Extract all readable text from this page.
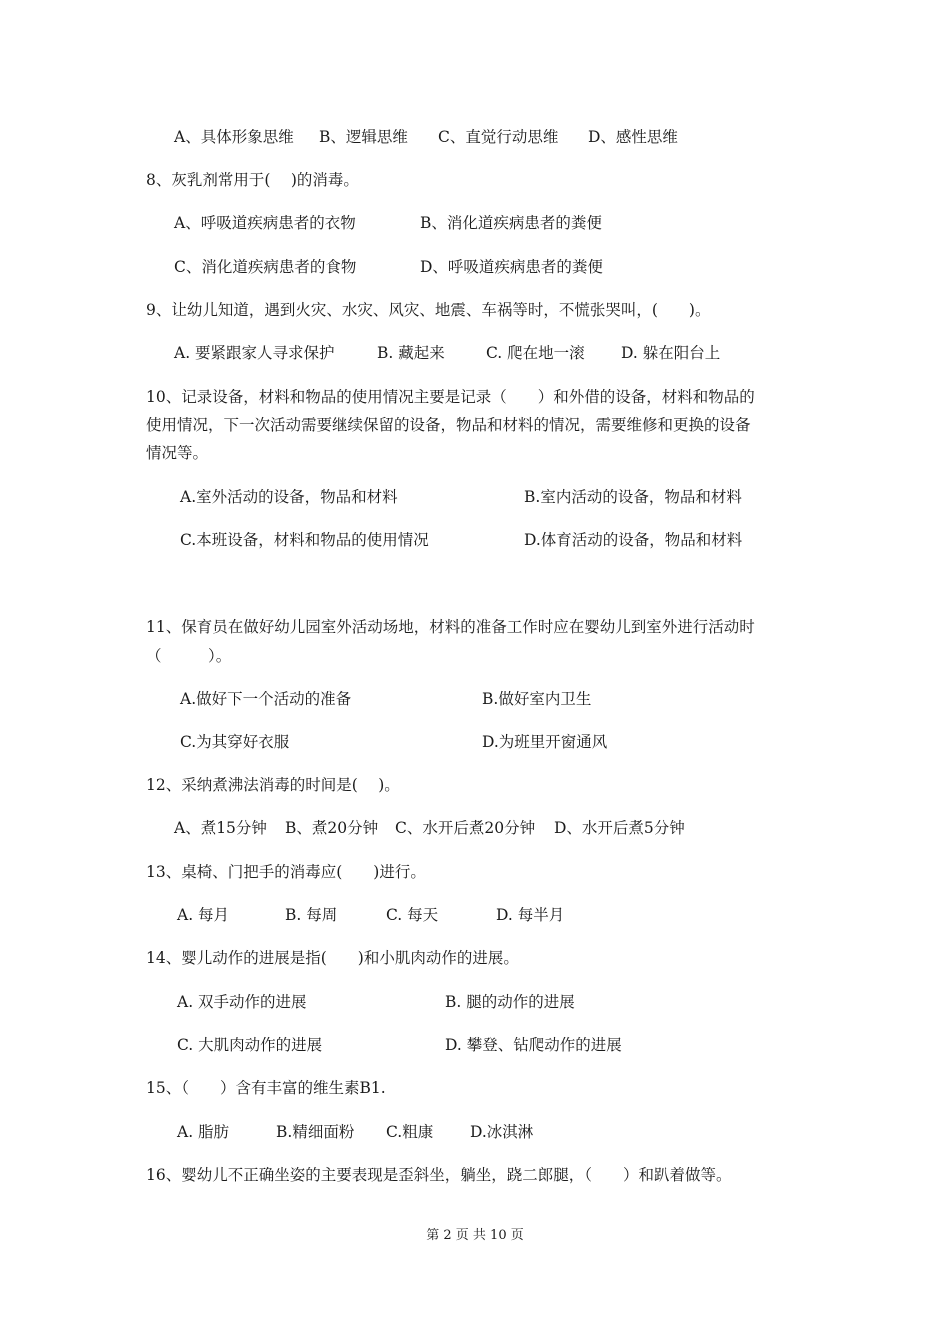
A、具体形象思维 B、逻辑思维 C、直觉行动思维 D、感性思维
8、灰乳剂常用于(　 )的消毒。
A、呼吸道疾病患者的衣物	B、消化道疾病患者的粪便
C、消化道疾病患者的食物	D、呼吸道疾病患者的粪便
9、让幼儿知道，遇到火灾、水灾、风灾、地震、车祸等时，不慌张哭叫，(　　)。
A. 要紧跟家人寻求保护	B. 藏起来	C. 爬在地一滚 D. 躲在阳台上
10、记录设备，材料和物品的使用情况主要是记录（　　）和外借的设备，材料和物品的
使用情况，下一次活动需要继续保留的设备，物品和材料的情况，需要维修和更换的设备
情况等。
A.室外活动的设备，物品和材料	B.室内活动的设备，物品和材料
C.本班设备，材料和物品的使用情况	D.体育活动的设备，物品和材料
11、保育员在做好幼儿园室外活动场地，材料的准备工作时应在婴幼儿到室外进行活动时
（　　　）。
A.做好下一个活动的准备	B.做好室内卫生
C.为其穿好衣服	D.为班里开窗通风
12、采纳煮沸法消毒的时间是(　 )。
A、煮15分钟 B、煮20分钟 C、水开后煮20分钟 D、水开后煮5分钟
13、桌椅、门把手的消毒应(　　)进行。
A. 每月	B. 每周	C. 每天	D. 每半月
14、婴儿动作的进展是指(　　)和小肌肉动作的进展。
A. 双手动作的进展	B. 腿的动作的进展
C. 大肌肉动作的进展	D. 攀登、钻爬动作的进展
15、（　　）含有丰富的维生素B1.
A. 脂肪	B.精细面粉 C.粗康 D.冰淇淋
16、婴幼儿不正确坐姿的主要表现是歪斜坐，躺坐，跷二郎腿，（　　）和趴着做等。
第 2 页 共 10 页
